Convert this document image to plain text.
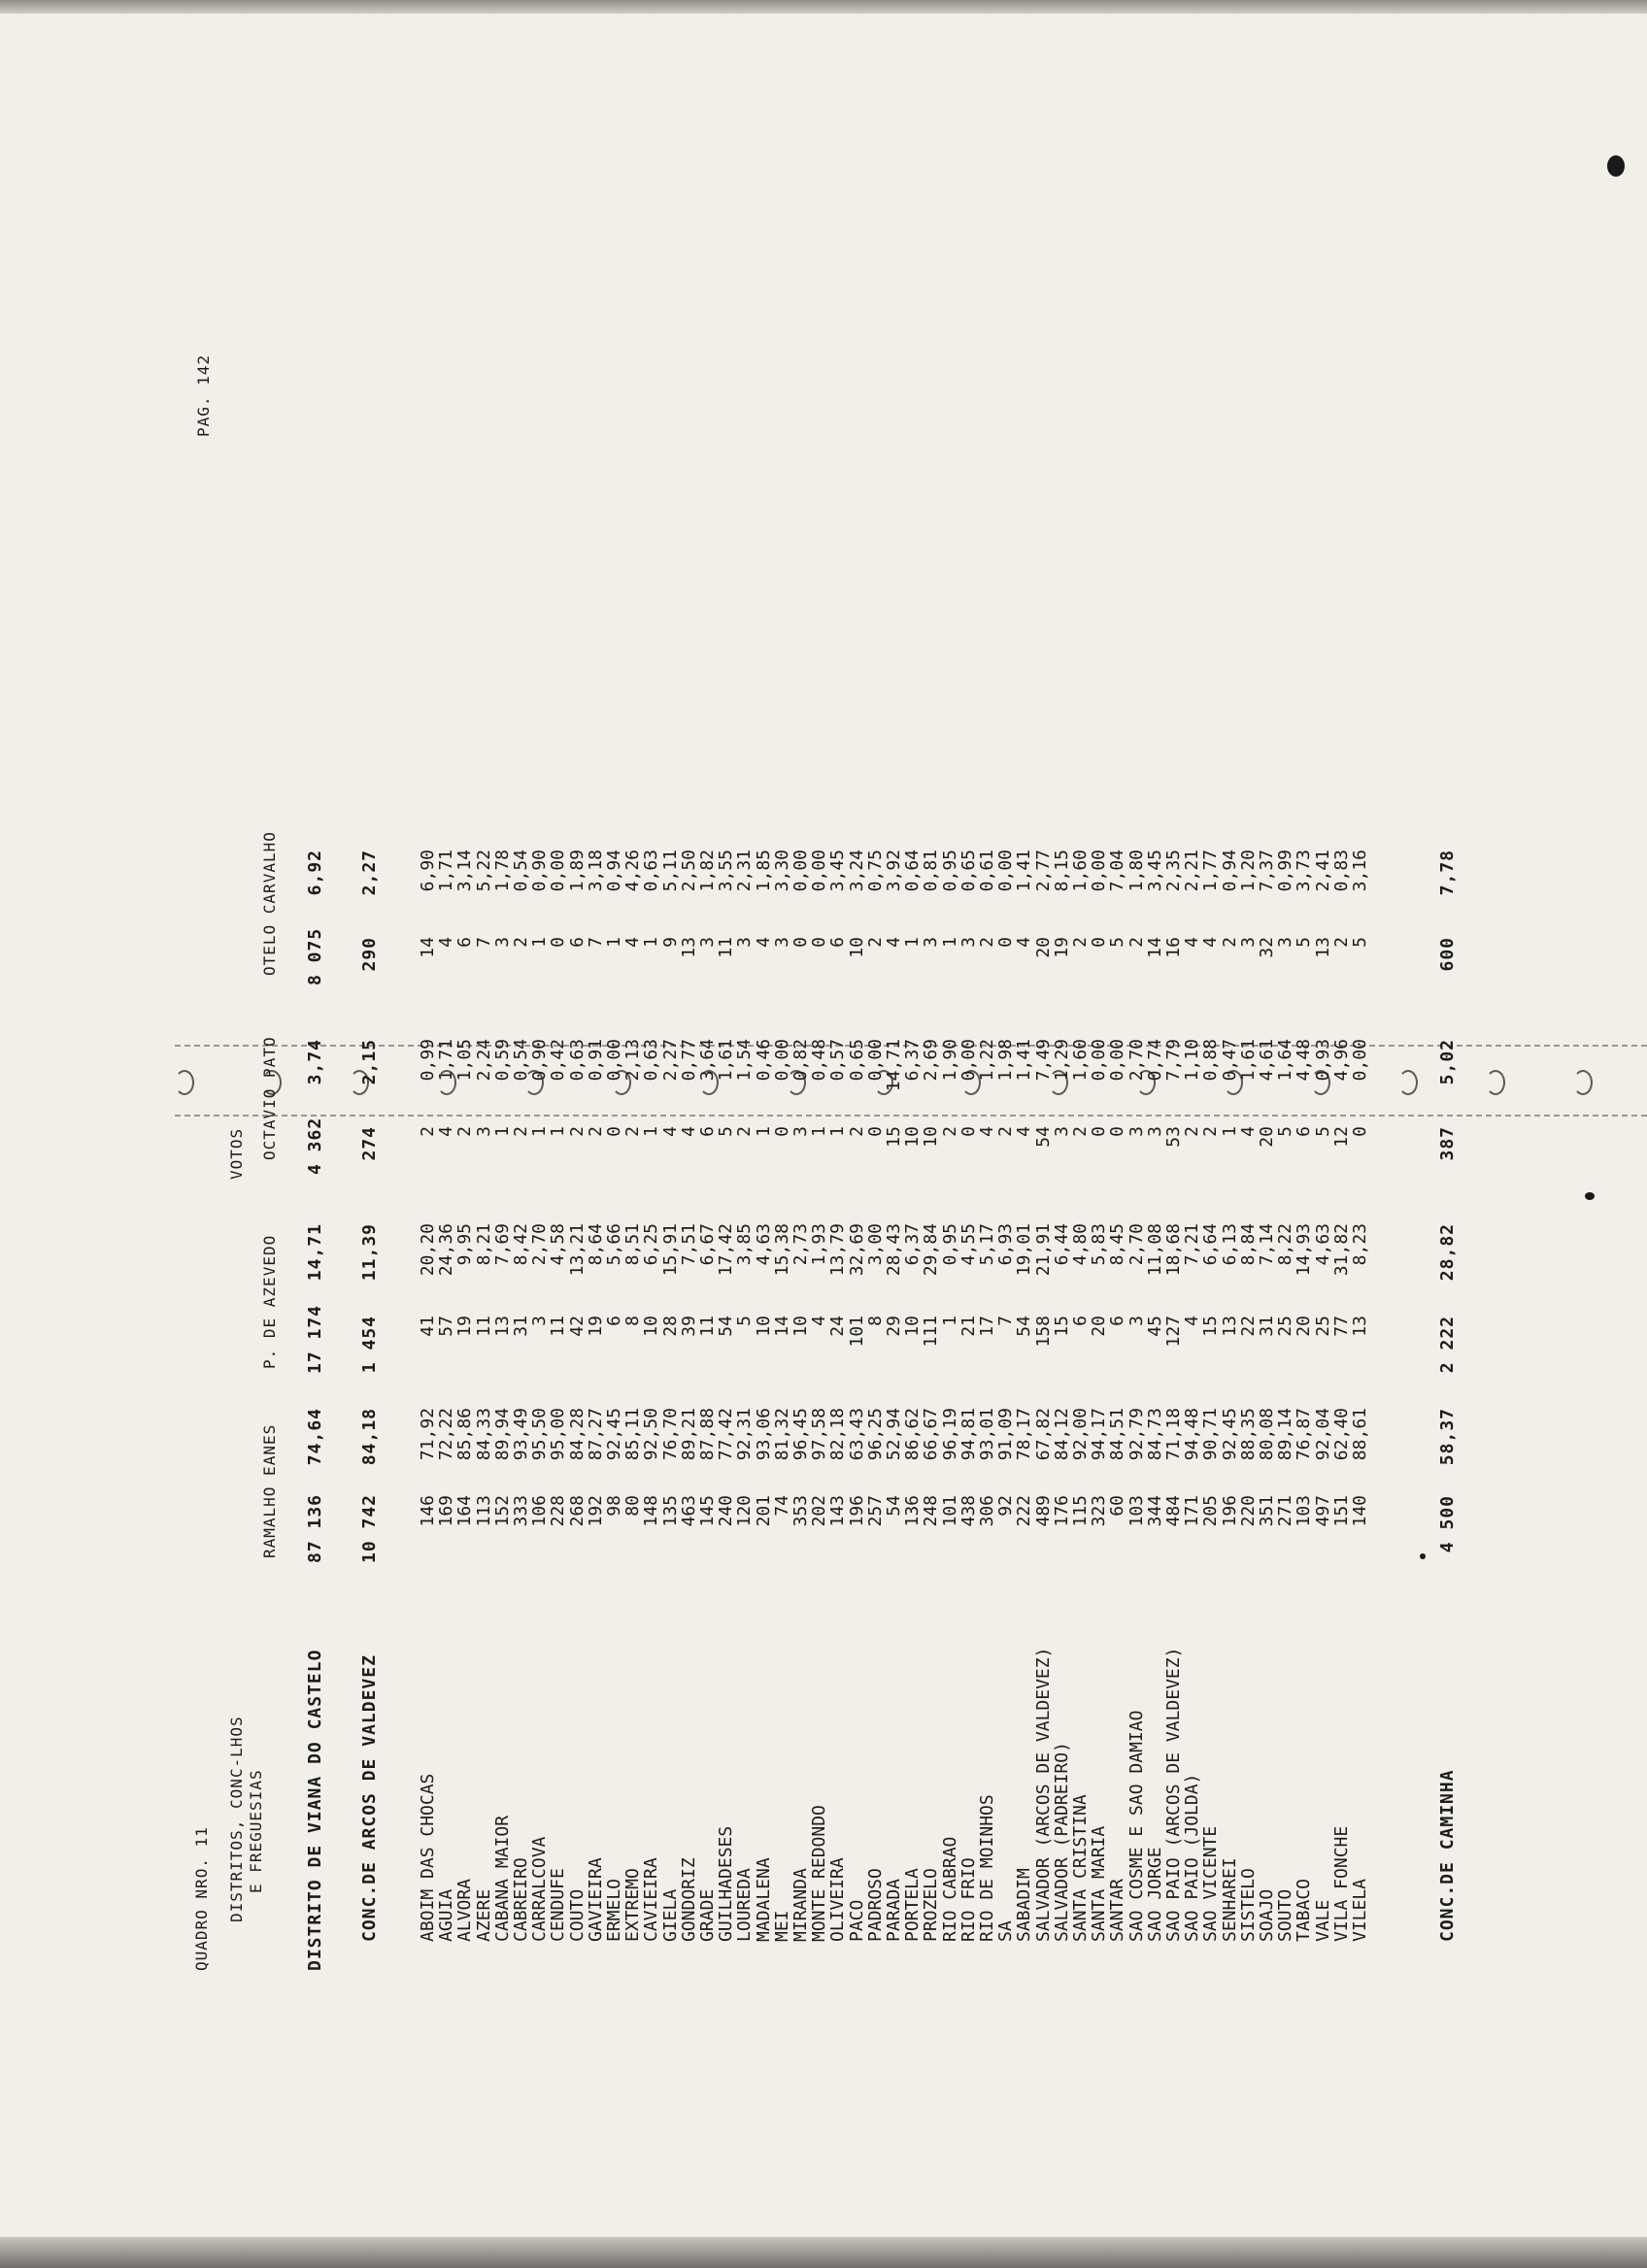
QUADRO NRO. 11
PAG. 142
DISTRITOS, CONC-LHOS E FREGUESIAS
VOTOS
RAMALHO EANES
P. DE AZEVEDO
OCTAVIO PATO
OTELO CARVALHO
DISTRITO DE VIANA DO CASTELO
87 136
74,64
17 174
14,71
4 362
3,74
8 075
6,92
CONC.DE ARCOS DE VALDEVEZ
10 742
84,18
1 454
11,39
274
2,15
290
2,27
ABOIM DAS CHOCAS
146
71,92
41
20,20
2
0,99
14
6,90
AGUIA
169
72,22
57
24,36
4
1,71
4
1,71
ALVORA
164
85,86
19
9,95
2
1,05
6
3,14
AZERE
113
84,33
11
8,21
3
2,24
7
5,22
CABANA MAIOR
152
89,94
13
7,69
1
0,59
3
1,78
CABREIRO
333
93,49
31
8,42
2
0,54
2
0,54
CARRALCOVA
106
95,50
3
2,70
1
0,90
1
0,90
CENDUFE
228
95,00
11
4,58
1
0,42
0
0,00
COUTO
268
84,28
42
13,21
2
0,63
6
1,89
GAVIEIRA
192
87,27
19
8,64
2
0,91
7
3,18
ERMELO
98
92,45
6
5,66
0
0,00
1
0,94
EXTREMO
80
85,11
8
8,51
2
2,13
4
4,26
CAVIEIRA
148
92,50
10
6,25
1
0,63
1
0,63
GIELA
135
76,70
28
15,91
4
2,27
9
5,11
GONDORIZ
463
89,21
39
7,51
4
0,77
13
2,50
GRADE
145
87,88
11
6,67
6
3,64
3
1,82
GUILHADESES
240
77,42
54
17,42
5
1,61
11
3,55
LOUREDA
120
92,31
5
3,85
2
1,54
3
2,31
MADALENA
201
93,06
10
4,63
1
0,46
4
1,85
MEI
74
81,32
14
15,38
0
0,00
3
3,30
MIRANDA
353
96,45
10
2,73
3
0,82
0
0,00
MONTE REDONDO
202
97,58
4
1,93
1
0,48
0
0,00
OLIVEIRA
143
82,18
24
13,79
1
0,57
6
3,45
PACO
196
63,43
101
32,69
2
0,65
10
3,24
PADROSO
257
96,25
8
3,00
0
0,00
2
0,75
PARADA
54
52,94
29
28,43
15
14,71
4
3,92
PORTELA
136
86,62
10
6,37
10
6,37
1
0,64
PROZELO
248
66,67
111
29,84
10
2,69
3
0,81
RIO CABRAO
101
96,19
1
0,95
2
1,90
1
0,95
RIO FRIO
438
94,81
21
4,55
0
0,00
3
0,65
RIO DE MOINHOS
306
93,01
17
5,17
4
1,22
2
0,61
SA
92
91,09
7
6,93
2
1,98
0
0,00
SABADIM
222
78,17
54
19,01
4
1,41
4
1,41
SALVADOR (ARCOS DE VALDEVEZ)
489
67,82
158
21,91
54
7,49
20
2,77
SALVADOR (PADREIRO)
176
84,12
15
6,44
3
1,29
19
8,15
SANTA CRISTINA
115
92,00
6
4,80
2
1,60
2
1,60
SANTA MARIA
323
94,17
20
5,83
0
0,00
0
0,00
SANTAR
60
84,51
6
8,45
0
0,00
5
7,04
SAO COSME E SAO DAMIAO
103
92,79
3
2,70
3
2,70
2
1,80
SAO JORGE
344
84,73
45
11,08
3
0,74
14
3,45
SAO PAIO (ARCOS DE VALDEVEZ)
484
71,18
127
18,68
53
7,79
16
2,35
SAO PAIO (JOLDA)
171
94,48
4
7,21
2
1,10
4
2,21
SAO VICENTE
205
90,71
15
6,64
2
0,88
4
1,77
SENHAREI
196
92,45
13
6,13
1
0,47
2
0,94
SISTELO
220
88,35
22
8,84
4
1,61
3
1,20
SOAJO
351
80,08
31
7,14
20
4,61
32
7,37
SOUTO
271
89,14
25
8,22
5
1,64
3
0,99
TABACO
103
76,87
20
14,93
6
4,48
5
3,73
VALE
497
92,04
25
4,63
5
0,93
13
2,41
VILA FONCHE
151
62,40
77
31,82
12
4,96
2
0,83
VILELA
140
88,61
13
8,23
0
0,00
5
3,16
CONC.DE CAMINHA
4 500
58,37
2 222
28,82
387
5,02
600
7,78
